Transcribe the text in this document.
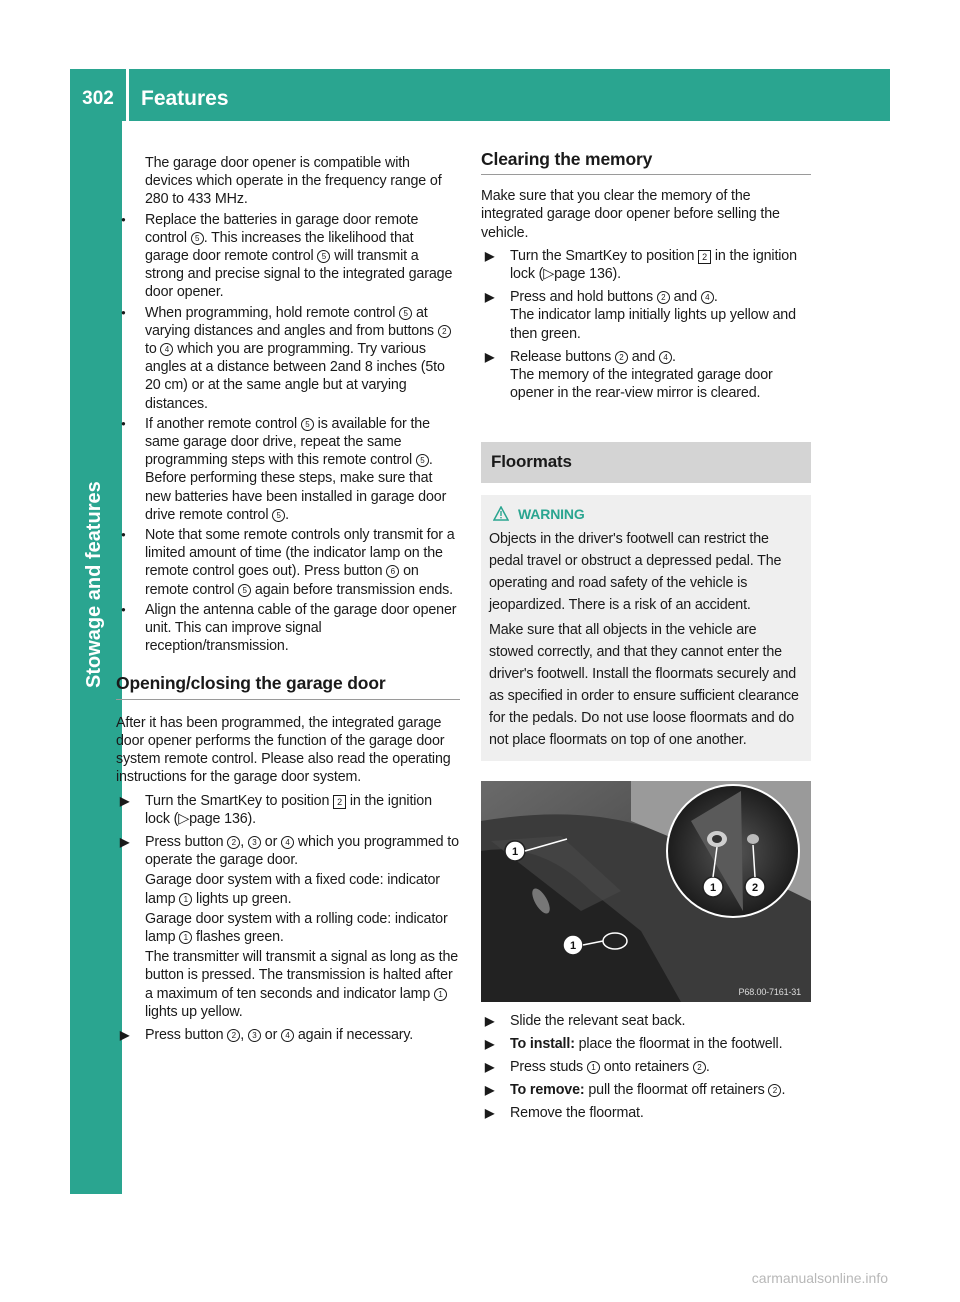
302	Features
Stowage and features

The garage door opener is compatible with devices which operate in the frequency range of 280 to 433 MHz.

● Replace the batteries in garage door remote control 5 . This increases the likelihood that garage door remote control 5 will transmit a strong and precise signal to the integrated garage door opener.
● When programming, hold remote control 5 at varying distances and angles and from buttons 2 to 4 which you are programming. Try various angles at a distance between 2and 8 inches (5to 20 cm) or at the same angle but at varying distances.
● If another remote control 5 is available for the same garage door drive, repeat the same programming steps with this remote control 5 . Before performing these steps, make sure that new batteries have been installed in garage door drive remote control 5 .
● Note that some remote controls only transmit for a limited amount of time (the indicator lamp on the remote control goes out). Press button 6 on remote control 5 again before transmission ends.
● Align the antenna cable of the garage door opener unit. This can improve signal reception/transmission.
Opening/closing the garage door

After it has been programmed, the integrated garage door opener performs the function of the garage door system remote control. Please also read the operating instructions for the garage door system.

▶ Turn the SmartKey to position 2 in the ignition lock (▷page 136).
▶ Press button 2 , 3 or 4 which you programmed to operate the garage door.
Garage door system with a fixed code: indicator lamp 1 lights up green.
Garage door system with a rolling code: indicator lamp 1 flashes green.
The transmitter will transmit a signal as long as the button is pressed. The transmission is halted after a maximum of ten seconds and indicator lamp 1 lights up yellow.
▶ Press button 2 , 3 or 4 again if necessary.
Clearing the memory

Make sure that you clear the memory of the integrated garage door opener before selling the vehicle.

▶ Turn the SmartKey to position 2 in the ignition lock (▷page 136).
▶ Press and hold buttons 2 and 4 .
The indicator lamp initially lights up yellow and then green.
▶ Release buttons 2 and 4 .
The memory of the integrated garage door opener in the rear-view mirror is cleared.
Floormats
WARNING

Objects in the driver's footwell can restrict the pedal travel or obstruct a depressed pedal. The operating and road safety of the vehicle is jeopardized. There is a risk of an accident.

Make sure that all objects in the vehicle are stowed correctly, and that they cannot enter the driver's footwell. Install the floormats securely and as specified in order to ensure sufficient clearance for the pedals. Do not use loose floormats and do not place floormats on top of one another.

1
1	2
1
P68.00-7161-31
▶ Slide the relevant seat back.
▶ To install: place the floormat in the footwell.
▶ Press studs 1 onto retainers 2 .
▶ To remove: pull the floormat off retainers 2 .
▶ Remove the floormat.
carmanualsonline.info
